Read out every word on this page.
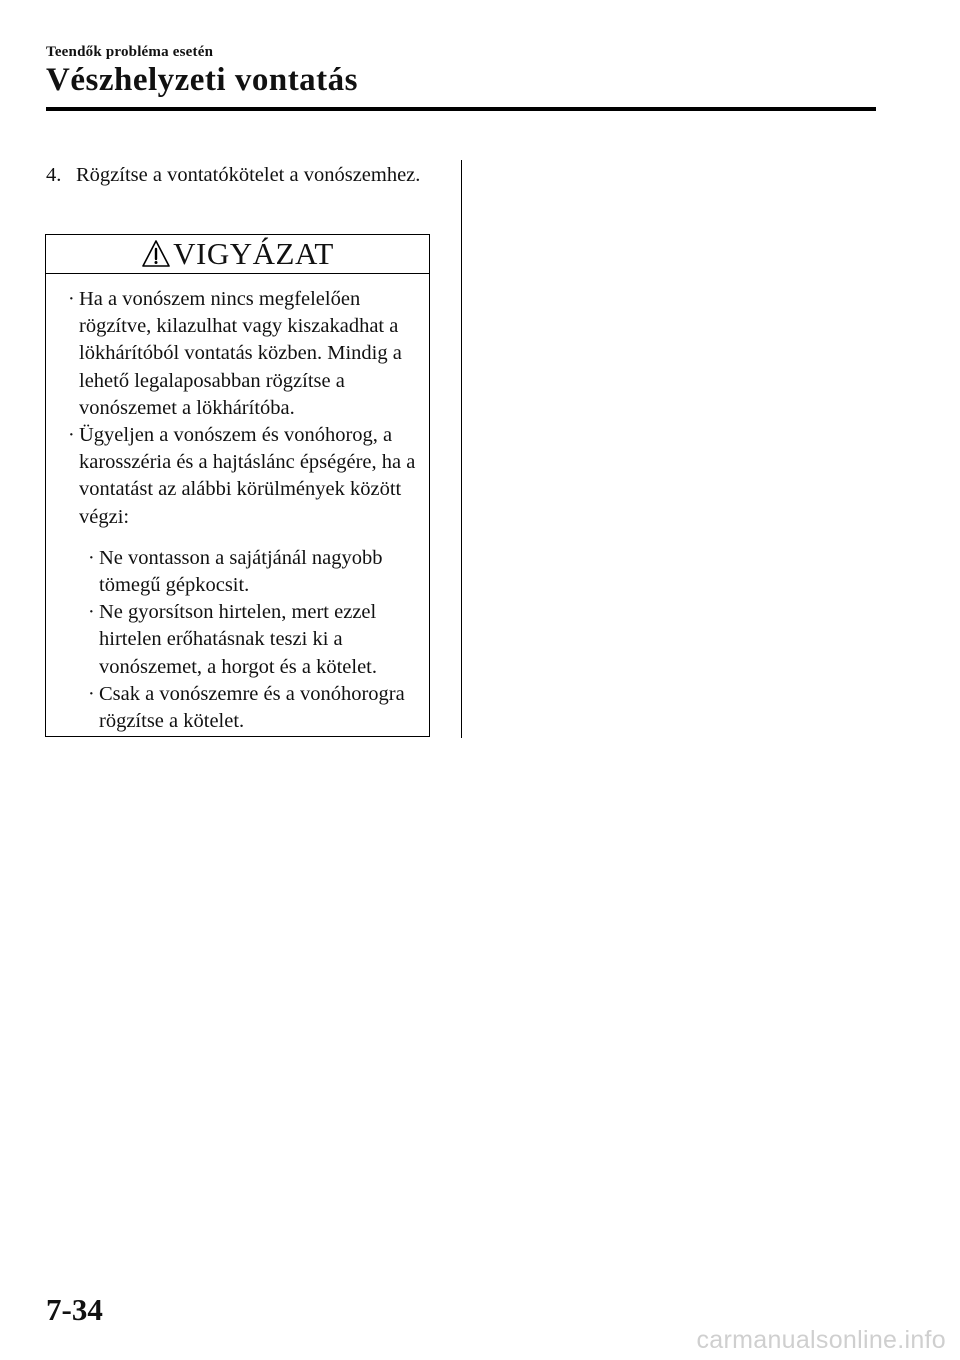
Teendők probléma esetén
Vészhelyzeti vontatás
4. Rögzítse a vontatókötelet a vonószemhez.
VIGYÁZAT
· Ha a vonószem nincs megfelelően rögzítve, kilazulhat vagy kiszakadhat a lökhárítóból vontatás közben. Mindig a lehető legalaposabban rögzítse a vonószemet a lökhárítóba.
· Ügyeljen a vonószem és vonóhorog, a karosszéria és a hajtáslánc épségére, ha a vontatást az alábbi körülmények között végzi:
· Ne vontasson a sajátjánál nagyobb tömegű gépkocsit.
· Ne gyorsítson hirtelen, mert ezzel hirtelen erőhatásnak teszi ki a vonószemet, a horgot és a kötelet.
· Csak a vonószemre és a vonóhorogra rögzítse a kötelet.
7-34
carmanualsonline.info
